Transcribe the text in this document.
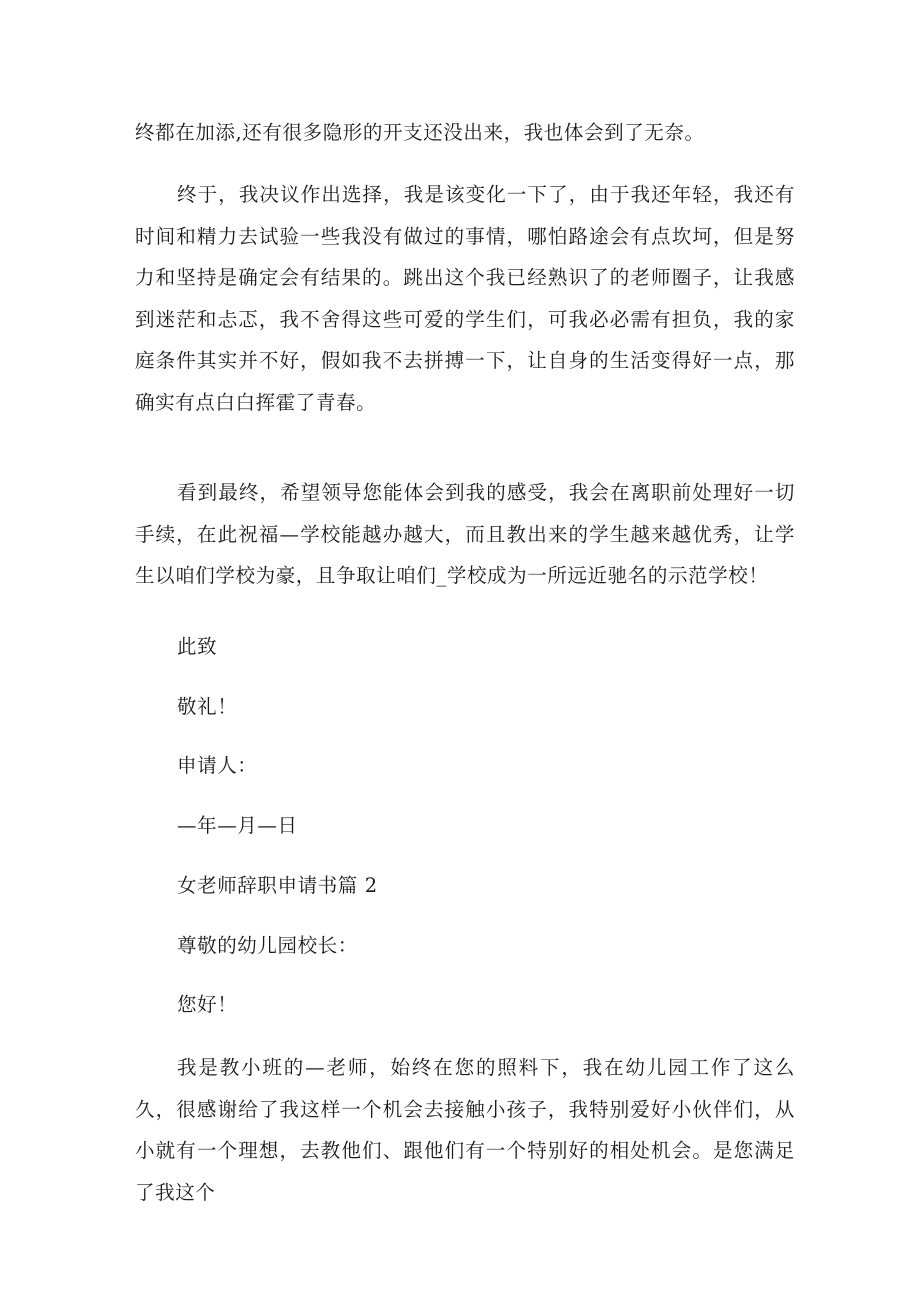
终都在加添,还有很多隐形的开支还没出来，我也体会到了无奈。

终于，我决议作出选择，我是该变化一下了，由于我还年轻，我还有时间和精力去试验一些我没有做过的事情，哪怕路途会有点坎坷，但是努力和坚持是确定会有结果的。跳出这个我已经熟识了的老师圈子，让我感到迷茫和忐忑，我不舍得这些可爱的学生们，可我必必需有担负，我的家庭条件其实并不好，假如我不去拼搏一下，让自身的生活变得好一点，那确实有点白白挥霍了青春。

看到最终，希望领导您能体会到我的感受，我会在离职前处理好一切手续，在此祝福—学校能越办越大，而且教出来的学生越来越优秀，让学生以咱们学校为豪，且争取让咱们_学校成为一所远近驰名的示范学校！

此致

敬礼！

申请人：

—年—月—日

女老师辞职申请书篇 2

尊敬的幼儿园校长：

您好！

我是教小班的—老师，始终在您的照料下，我在幼儿园工作了这么久，很感谢给了我这样一个机会去接触小孩子，我特别爱好小伙伴们，从小就有一个理想，去教他们、跟他们有一个特别好的相处机会。是您满足了我这个
